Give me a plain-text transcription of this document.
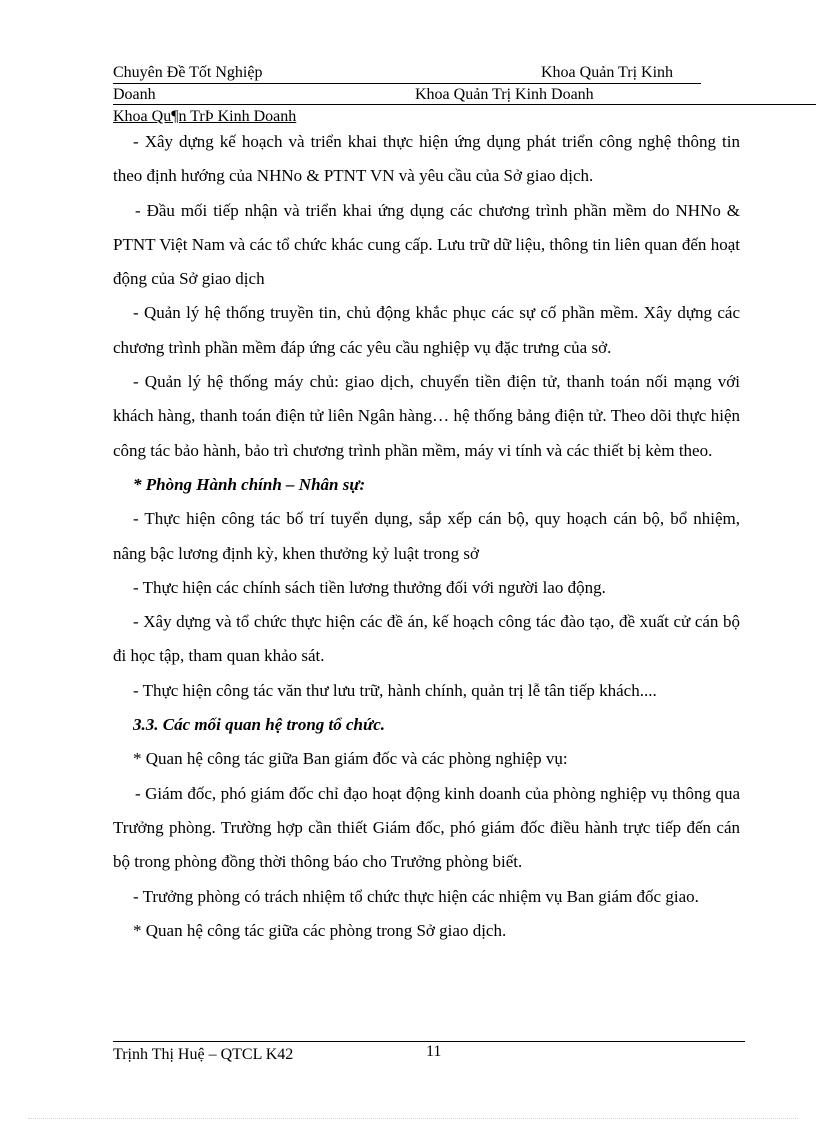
Chuyên Đề Tốt Nghiệp	Khoa Quản Trị Kinh
Doanh	Khoa Quản Trị Kinh Doanh
Khoa Qu¶n TrÞ Kinh Doanh

- Xây dựng kế hoạch và triển khai thực hiện ứng dụng phát triển công nghệ thông tin theo định hướng của NHNo & PTNT VN và yêu cầu của Sở giao dịch.

- Đầu mối tiếp nhận và triển khai ứng dụng các chương trình phần mềm do NHNo & PTNT Việt Nam và các tổ chức khác cung cấp. Lưu trữ dữ liệu, thông tin liên quan đến hoạt động của Sở giao dịch

- Quản lý hệ thống truyền tin, chủ động khắc phục các sự cố phần mềm. Xây dựng các chương trình phần mềm đáp ứng các yêu cầu nghiệp vụ đặc trưng của sở.

- Quản lý hệ thống máy chủ: giao dịch, chuyển tiền điện tử, thanh toán nối mạng với khách hàng, thanh toán điện tử liên Ngân hàng… hệ thống bảng điện tử. Theo dõi thực hiện công tác bảo hành, bảo trì chương trình phần mềm, máy vi tính và các thiết bị kèm theo.

* Phòng Hành chính – Nhân sự:

- Thực hiện công tác bố trí tuyển dụng, sắp xếp cán bộ, quy hoạch cán bộ, bổ nhiệm, nâng bậc lương định kỳ, khen thưởng kỷ luật trong sở

- Thực hiện các chính sách tiền lương thưởng đối với người lao động.

- Xây dựng và tổ chức thực hiện các đề án, kế hoạch công tác đào tạo, đề xuất cử cán bộ đi học tập, tham quan khảo sát.

- Thực hiện công tác văn thư lưu trữ, hành chính, quản trị lễ tân tiếp khách....

3.3. Các mối quan hệ trong tổ chức.

* Quan hệ công tác giữa Ban giám đốc và các phòng nghiệp vụ:

- Giám đốc, phó giám đốc chỉ đạo hoạt động kinh doanh của phòng nghiệp vụ thông qua Trưởng phòng. Trường hợp cần thiết Giám đốc, phó giám đốc điều hành trực tiếp đến cán bộ trong phòng đồng thời thông báo cho Trưởng phòng biết.

- Trưởng phòng có trách nhiệm tổ chức thực hiện các nhiệm vụ Ban giám đốc giao.

* Quan hệ công tác giữa các phòng trong Sở giao dịch.

Trịnh Thị Huệ – QTCL K42	11
